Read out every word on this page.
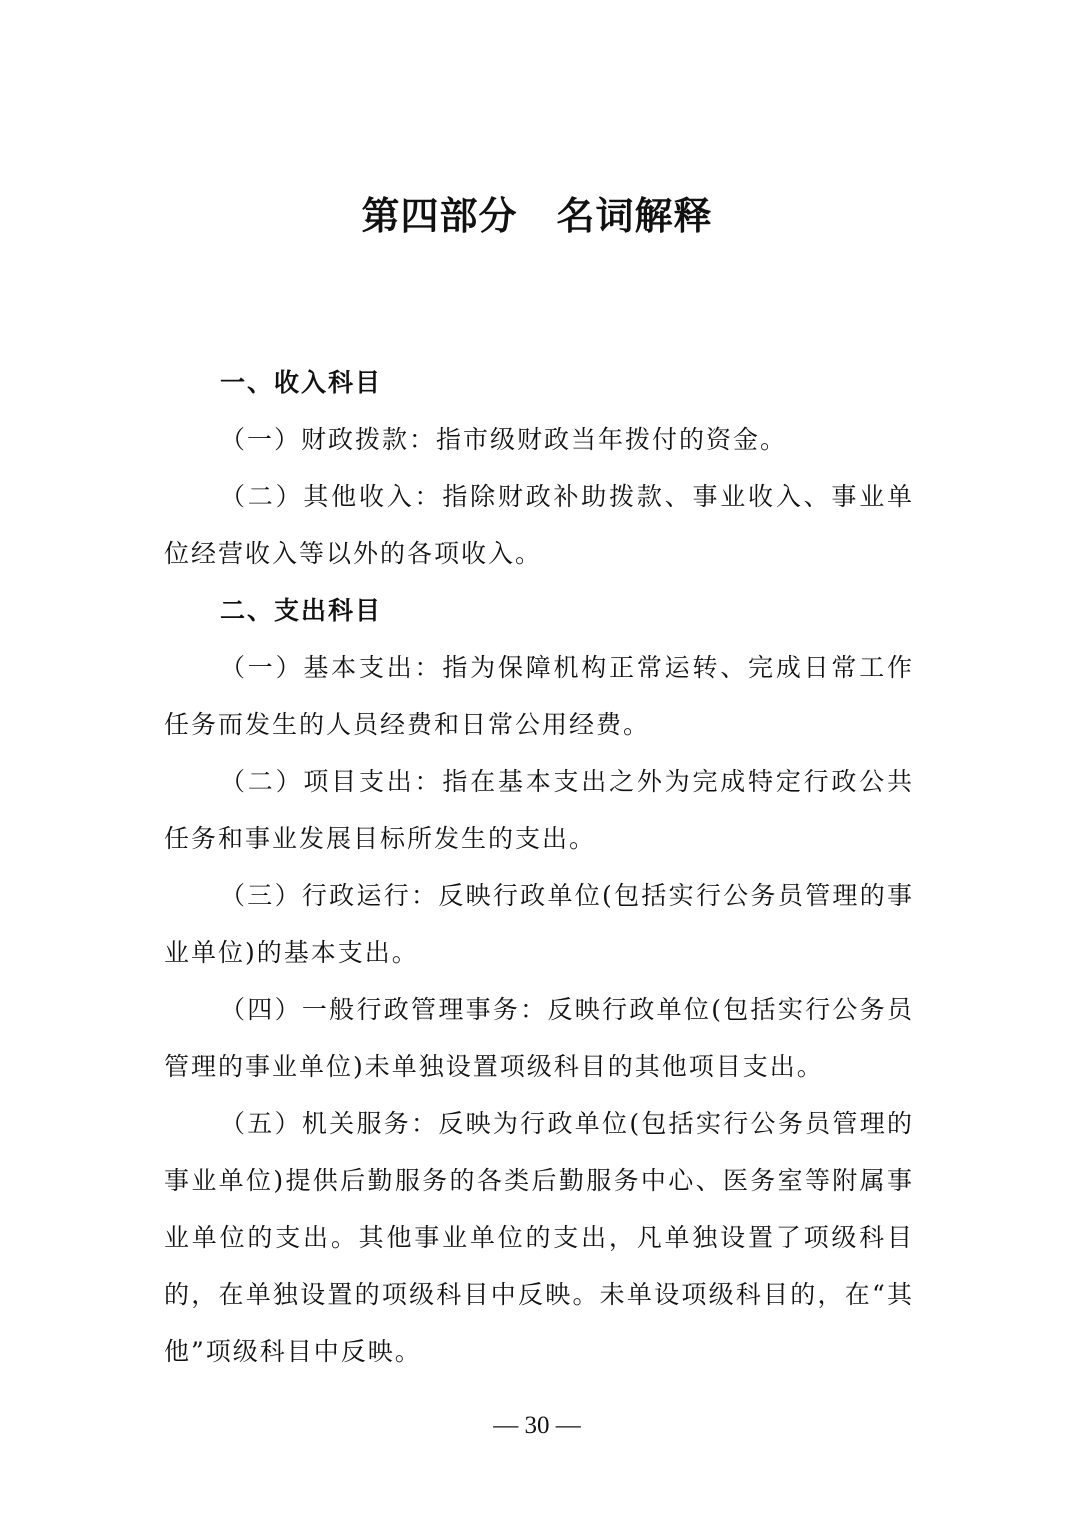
第四部分　名词解释

一、收入科目

（一）财政拨款：指市级财政当年拨付的资金。

（二）其他收入：指除财政补助拨款、事业收入、事业单位经营收入等以外的各项收入。

二、支出科目

（一）基本支出：指为保障机构正常运转、完成日常工作任务而发生的人员经费和日常公用经费。

（二）项目支出：指在基本支出之外为完成特定行政公共任务和事业发展目标所发生的支出。

（三）行政运行：反映行政单位(包括实行公务员管理的事业单位)的基本支出。

（四）一般行政管理事务：反映行政单位(包括实行公务员管理的事业单位)未单独设置项级科目的其他项目支出。

（五）机关服务：反映为行政单位(包括实行公务员管理的事业单位)提供后勤服务的各类后勤服务中心、医务室等附属事业单位的支出。其他事业单位的支出，凡单独设置了项级科目的，在单独设置的项级科目中反映。未单设项级科目的，在“其他”项级科目中反映。

— 30 —
